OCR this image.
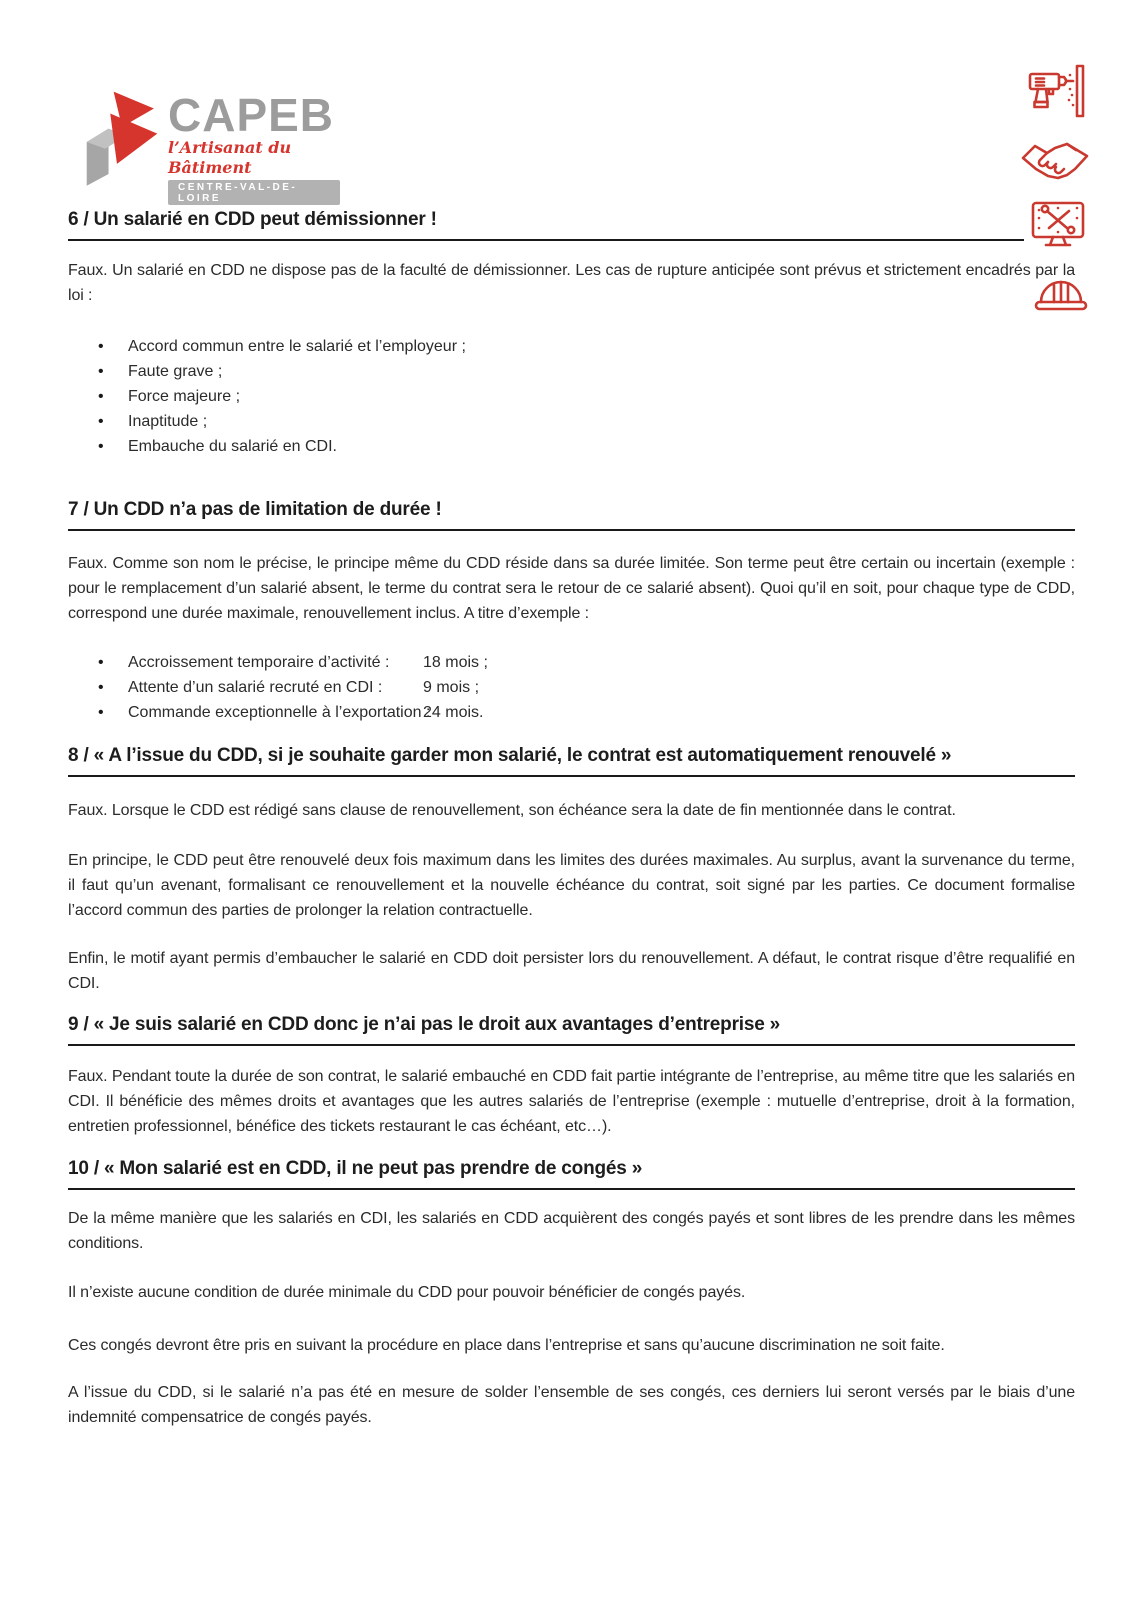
CAPEB
l’Artisanat du Bâtiment
CENTRE-VAL-DE-LOIRE
6 / Un salarié en CDD peut démissionner !

Faux. Un salarié en CDD ne dispose pas de la faculté de démissionner. Les cas de rupture anticipée sont prévus et strictement encadrés par la loi :

• Accord commun entre le salarié et l’employeur ;
• Faute grave ;
• Force majeure ;
• Inaptitude ;
• Embauche du salarié en CDI.
7 / Un CDD n’a pas de limitation de durée !

Faux. Comme son nom le précise, le principe même du CDD réside dans sa durée limitée. Son terme peut être certain ou incertain (exemple : pour le remplacement d’un salarié absent, le terme du contrat sera le retour de ce salarié absent). Quoi qu’il en soit, pour chaque type de CDD, correspond une durée maximale, renouvellement inclus. A titre d’exemple :

• Accroissement temporaire d’activité : 18 mois ;
• Attente d’un salarié recruté en CDI :	9 mois ;
• Commande exceptionnelle à l’exportation :
24 mois.
8 / « A l’issue du CDD, si je souhaite garder mon salarié, le contrat est automatiquement renouvelé »

Faux. Lorsque le CDD est rédigé sans clause de renouvellement, son échéance sera la date de fin mentionnée dans le contrat.

En principe, le CDD peut être renouvelé deux fois maximum dans les limites des durées maximales. Au surplus, avant la survenance du terme, il faut qu’un avenant, formalisant ce renouvellement et la nouvelle échéance du contrat, soit signé par les parties. Ce document formalise l’accord commun des parties de prolonger la relation contractuelle.

Enfin, le motif ayant permis d’embaucher le salarié en CDD doit persister lors du renouvellement. A défaut, le contrat risque d’être requalifié en CDI.

9 / « Je suis salarié en CDD donc je n’ai pas le droit aux avantages d’entreprise »

Faux. Pendant toute la durée de son contrat, le salarié embauché en CDD fait partie intégrante de l’entreprise, au même titre que les salariés en CDI. Il bénéficie des mêmes droits et avantages que les autres salariés de l’entreprise (exemple : mutuelle d’entreprise, droit à la formation, entretien professionnel, bénéfice des tickets restaurant le cas échéant, etc…).

10 / « Mon salarié est en CDD, il ne peut pas prendre de congés »

De la même manière que les salariés en CDI, les salariés en CDD acquièrent des congés payés et sont libres de les prendre dans les mêmes conditions.

Il n’existe aucune condition de durée minimale du CDD pour pouvoir bénéficier de congés payés.

Ces congés devront être pris en suivant la procédure en place dans l’entreprise et sans qu’aucune discrimination ne soit faite.

A l’issue du CDD, si le salarié n’a pas été en mesure de solder l’ensemble de ses congés, ces derniers lui seront versés par le biais d’une indemnité compensatrice de congés payés.
